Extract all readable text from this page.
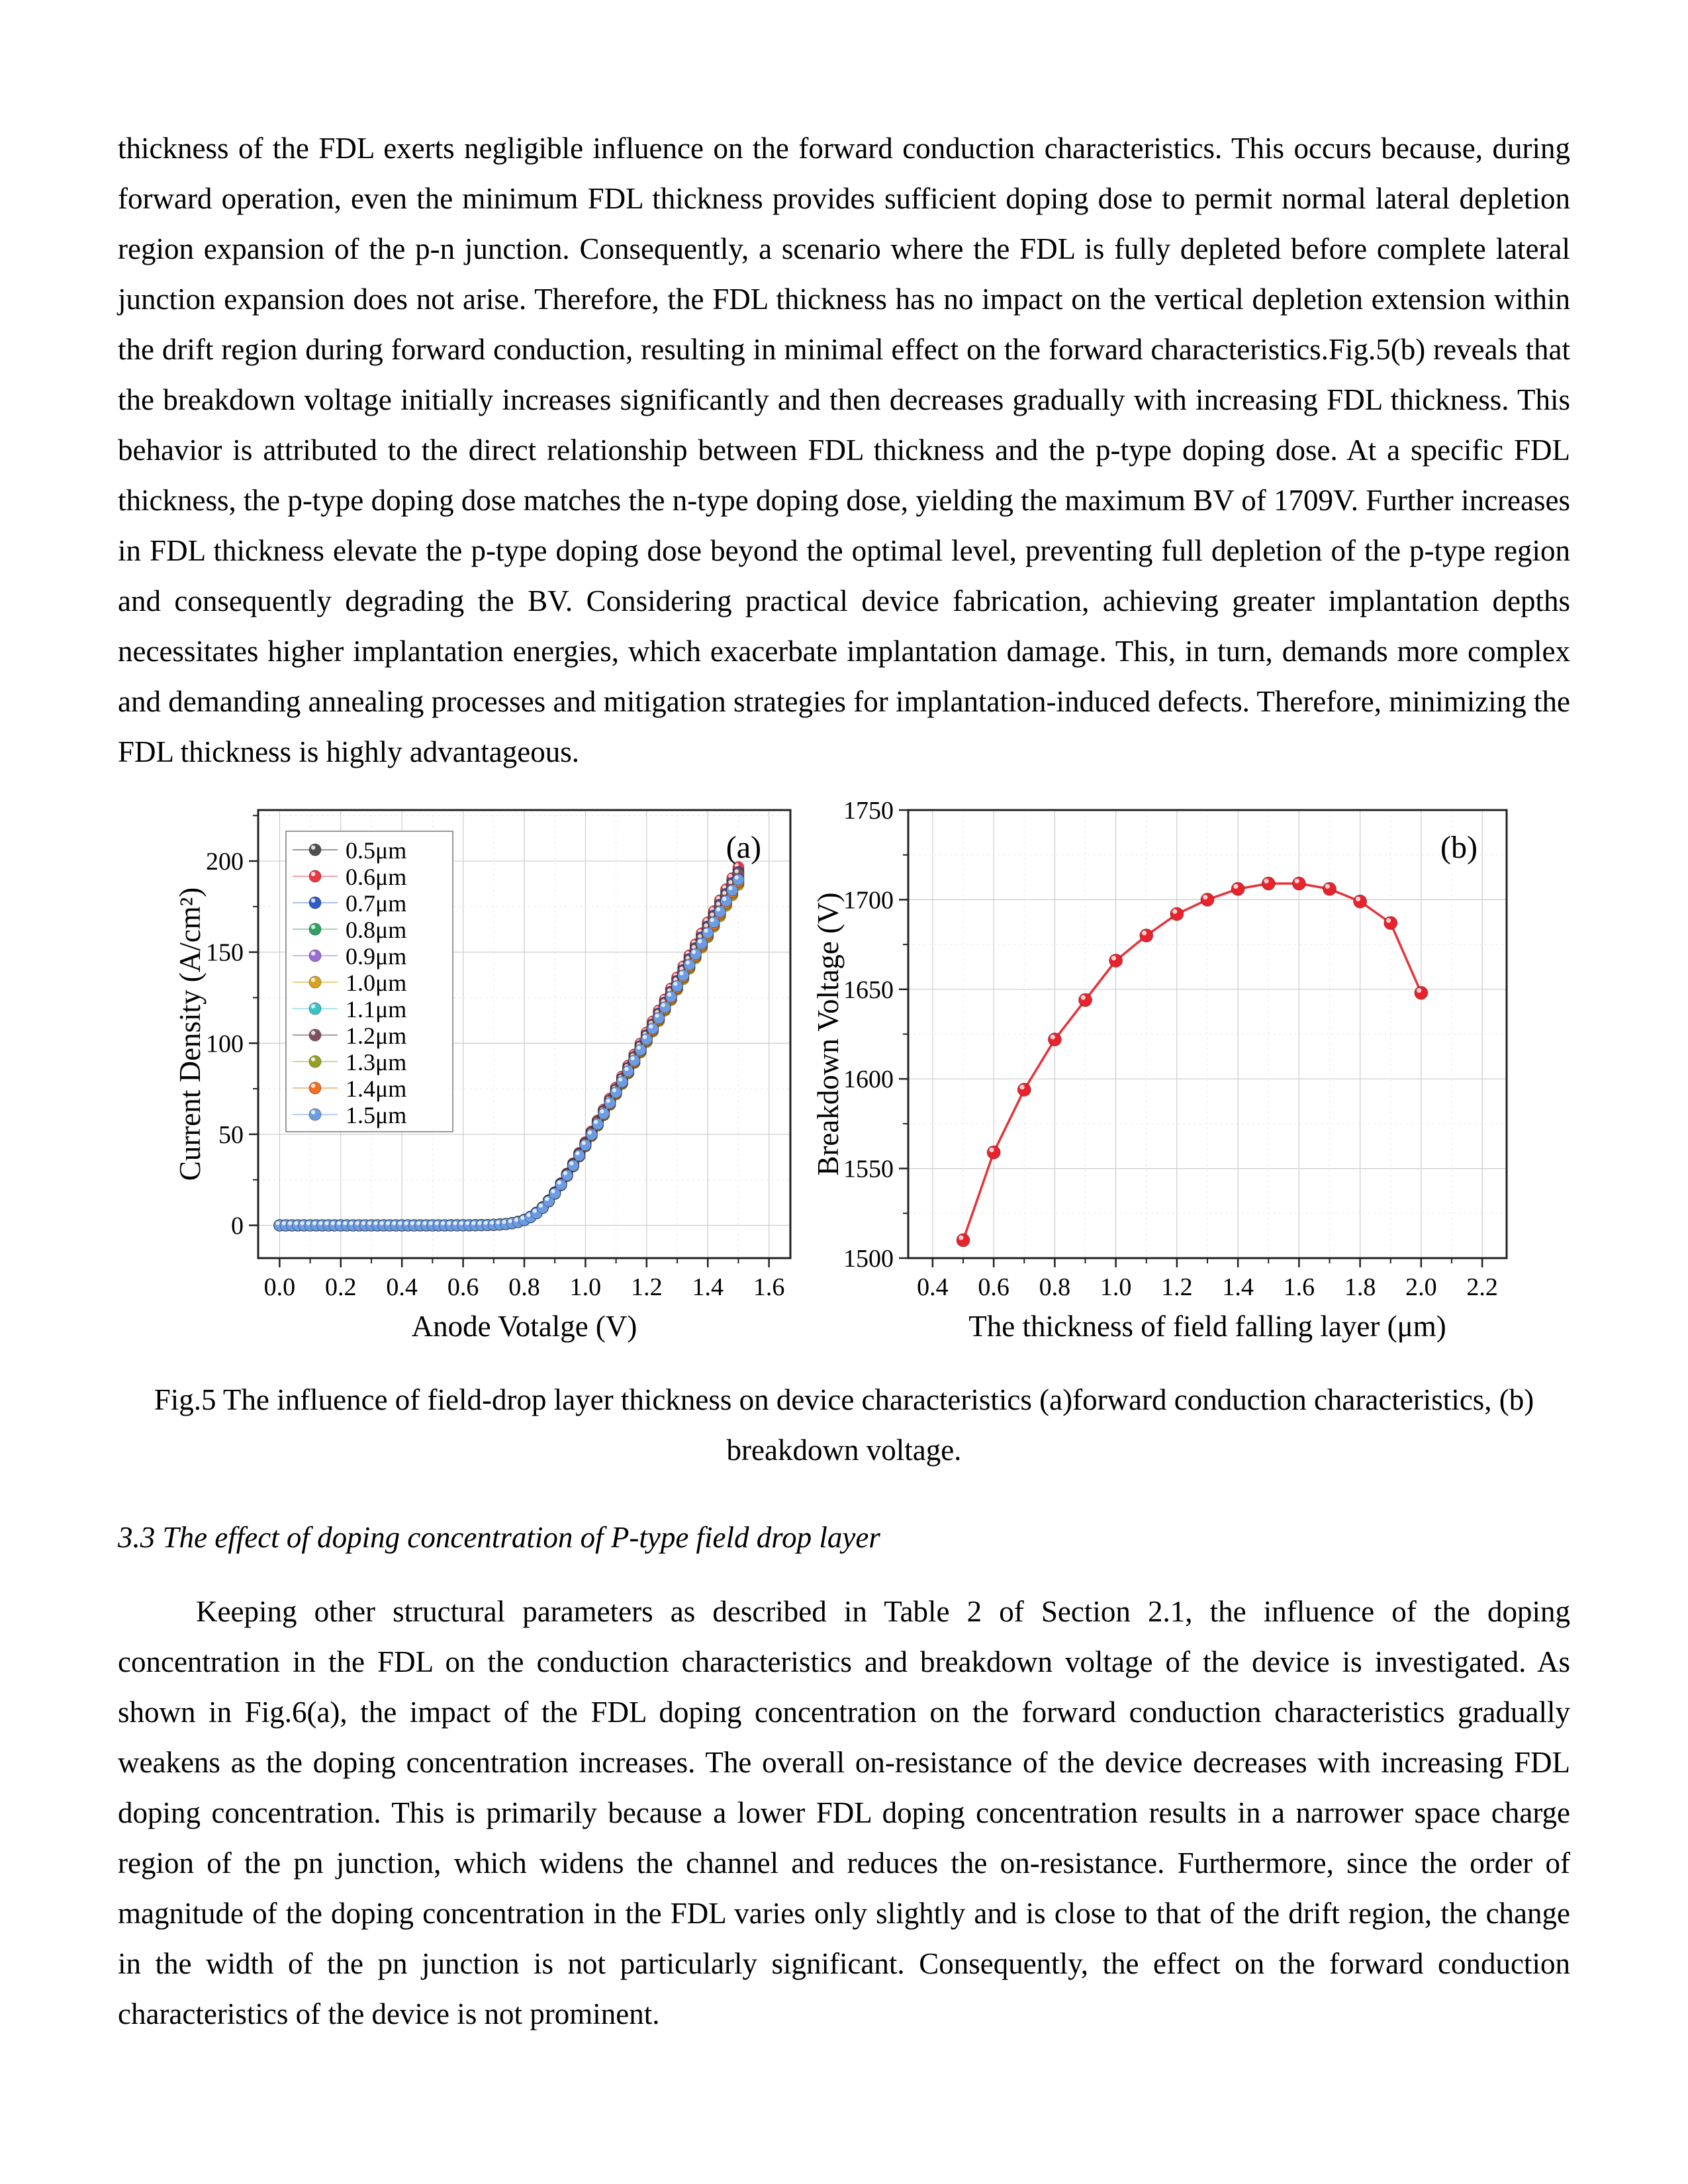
thickness of the FDL exerts negligible influence on the forward conduction characteristics. This occurs because, during forward operation, even the minimum FDL thickness provides sufficient doping dose to permit normal lateral depletion region expansion of the p-n junction. Consequently, a scenario where the FDL is fully depleted before complete lateral junction expansion does not arise. Therefore, the FDL thickness has no impact on the vertical depletion extension within the drift region during forward conduction, resulting in minimal effect on the forward characteristics.Fig.5(b) reveals that the breakdown voltage initially increases significantly and then decreases gradually with increasing FDL thickness. This behavior is attributed to the direct relationship between FDL thickness and the p-type doping dose. At a specific FDL thickness, the p-type doping dose matches the n-type doping dose, yielding the maximum BV of 1709V. Further increases in FDL thickness elevate the p-type doping dose beyond the optimal level, preventing full depletion of the p-type region and consequently degrading the BV. Considering practical device fabrication, achieving greater implantation depths necessitates higher implantation energies, which exacerbate implantation damage. This, in turn, demands more complex and demanding annealing processes and mitigation strategies for implantation-induced defects. Therefore, minimizing the FDL thickness is highly advantageous.

0.5μm
0.6μm
0.7μm
0.8μm
0.9μm
1.0μm
1.1μm
1.2μm
1.3μm
1.4μm
1.5μm
0.0 0.2 0.4 0.6 0.8 1.0 1.2 1.4 1.6
0
50
100
150
200
Anode Votalge (V)
Current Density (A/cm²)
(a)
0.4 0.6 0.8 1.0 1.2 1.4 1.6 1.8 2.0 2.2
1500
1550
1600
1650
1700
1750
The thickness of field falling layer (μm)
Breakdown Voltage (V)
(b)
Fig.5 The influence of field-drop layer thickness on device characteristics (a)forward conduction characteristics, (b)
breakdown voltage.
3.3 The effect of doping concentration of P-type field drop layer

Keeping other structural parameters as described in Table 2 of Section 2.1, the influence of the doping concentration in the FDL on the conduction characteristics and breakdown voltage of the device is investigated. As shown in Fig.6(a), the impact of the FDL doping concentration on the forward conduction characteristics gradually weakens as the doping concentration increases. The overall on-resistance of the device decreases with increasing FDL doping concentration. This is primarily because a lower FDL doping concentration results in a narrower space charge region of the pn junction, which widens the channel and reduces the on-resistance. Furthermore, since the order of magnitude of the doping concentration in the FDL varies only slightly and is close to that of the drift region, the change in the width of the pn junction is not particularly significant. Consequently, the effect on the forward conduction characteristics of the device is not prominent.
